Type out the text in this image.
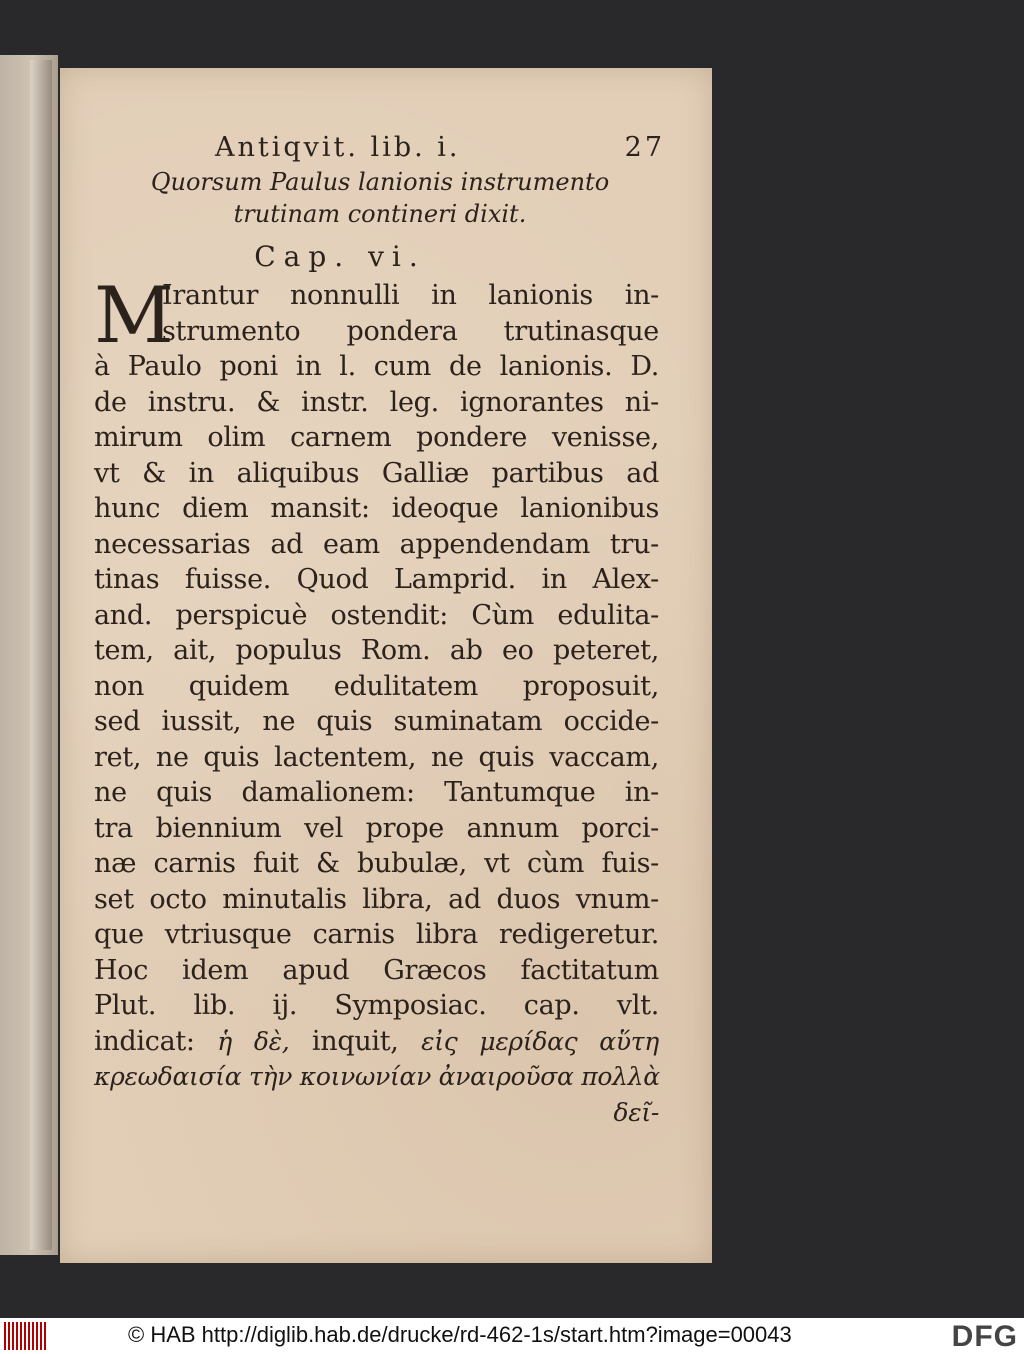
Antiqvit. lib. i.	27
Quorsum Paulus lanionis instrumento trutinam contineri dixit.
Cap. vi.
M
Irantur nonnulli in lanionis in-
strumento pondera trutinasque
à Paulo poni in l. cum de lanionis. D.
de instru. & instr. leg. ignorantes ni-
mirum olim carnem pondere venisse,
vt & in aliquibus Galliæ partibus ad
hunc diem mansit: ideoque lanionibus
necessarias ad eam appendendam tru-
tinas fuisse. Quod Lamprid. in Alex-
and. perspicuè ostendit: Cùm edulita-
tem, ait, populus Rom. ab eo peteret,
non quidem edulitatem proposuit,
sed iussit, ne quis suminatam occide-
ret, ne quis lactentem, ne quis vaccam,
ne quis damalionem: Tantumque in-
tra biennium vel prope annum porci-
næ carnis fuit & bubulæ, vt cùm fuis-
set octo minutalis libra, ad duos vnum-
que vtriusque carnis libra redigeretur.
Hoc idem apud Græcos factitatum
Plut. lib. ij. Symposiac. cap. vlt.
indicat: ἡ δὲ, inquit, εἰς μερίδας αὕτη
κρεωδαισία τὴν κοινωνίαν ἀναιροῦσα πολλὰ
δεῖ-
© HAB http://diglib.hab.de/drucke/rd-462-1s/start.htm?image=00043	DFG
